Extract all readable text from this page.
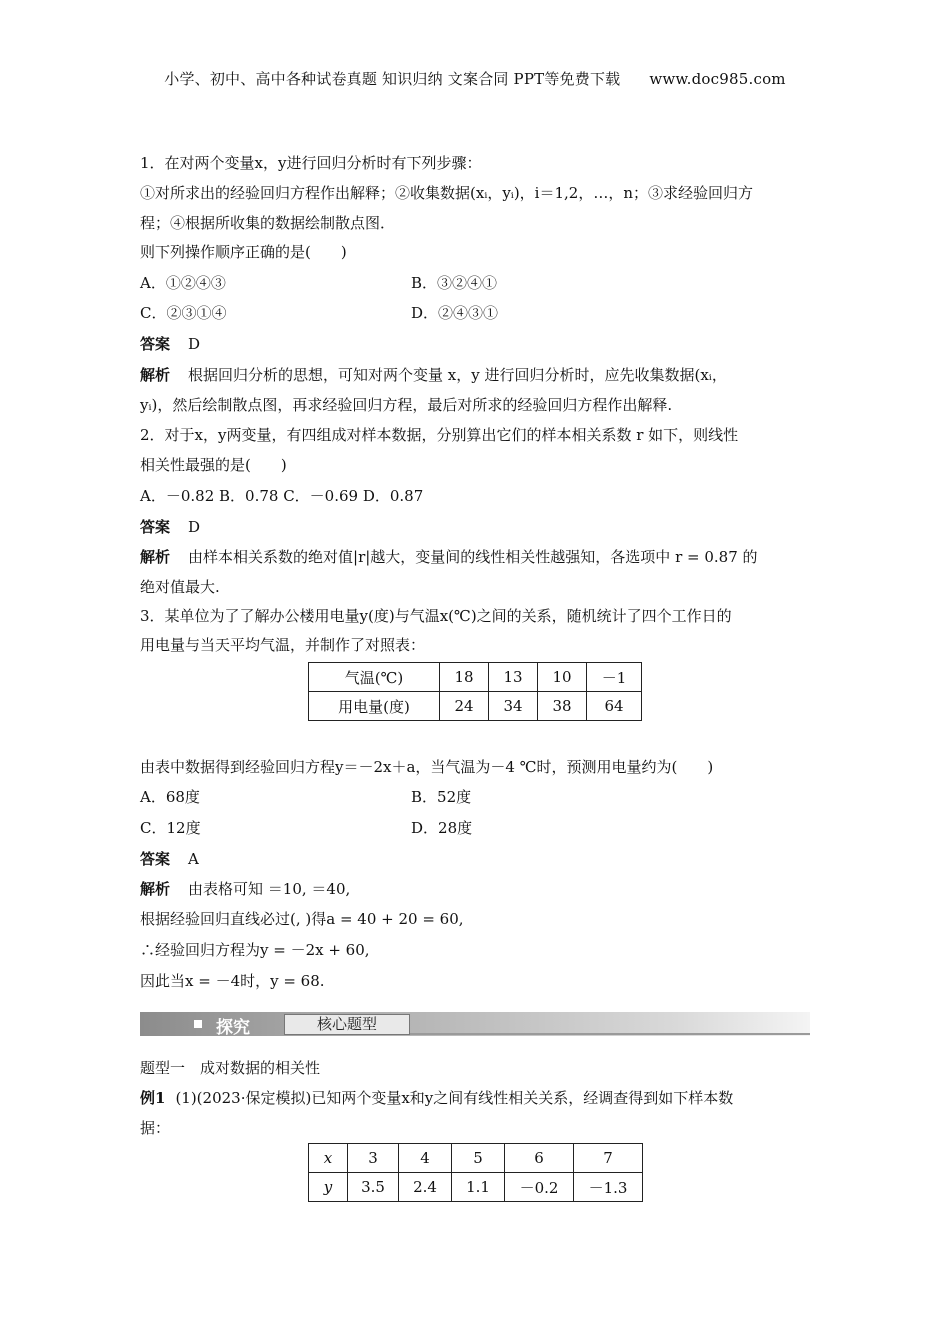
小学、初中、高中各种试卷真题 知识归纳 文案合同 PPT等免费下载 www.doc985.com
1．在对两个变量x，y进行回归分析时有下列步骤：
①对所求出的经验回归方程作出解释；②收集数据(xᵢ，yᵢ)，i＝1,2，…，n；③求经验回归方
程；④根据所收集的数据绘制散点图．
则下列操作顺序正确的是(　　)
A．①②④③	B．③②④①
C．②③①④	D．②④③①
答案 D
解析 根据回归分析的思想，可知对两个变量 x，y 进行回归分析时，应先收集数据(xᵢ，
yᵢ)，然后绘制散点图，再求经验回归方程，最后对所求的经验回归方程作出解释.
2．对于x，y两变量，有四组成对样本数据，分别算出它们的样本相关系数 r 如下，则线性
相关性最强的是(　　)
A．－0.82 B．0.78 C．－0.69 D．0.87
答案 D
解析 由样本相关系数的绝对值|r|越大，变量间的线性相关性越强知，各选项中 r = 0.87 的
绝对值最大.
3．某单位为了了解办公楼用电量y(度)与气温x(℃)之间的关系，随机统计了四个工作日的
用电量与当天平均气温，并制作了对照表：
气温(℃)	18	13	10	－1
用电量(度)	24	34	38	64
由表中数据得到经验回归方程y＝－2x＋a，当气温为－4 ℃时，预测用电量约为(　　)
A．68度	B．52度
C．12度	D．28度
答案 A
解析 由表格可知 ＝10, ＝40,
根据经验回归直线必过(, )得a = 40 + 20 = 60,
∴经验回归方程为y = －2x + 60,
因此当x = －4时，y = 68.
探究	核心题型
题型一　成对数据的相关性
例1 (1)(2023·保定模拟)已知两个变量x和y之间有线性相关关系，经调查得到如下样本数
据：
x	3	4	5	6	7
y	3.5	2.4	1.1	－0.2	－1.3
